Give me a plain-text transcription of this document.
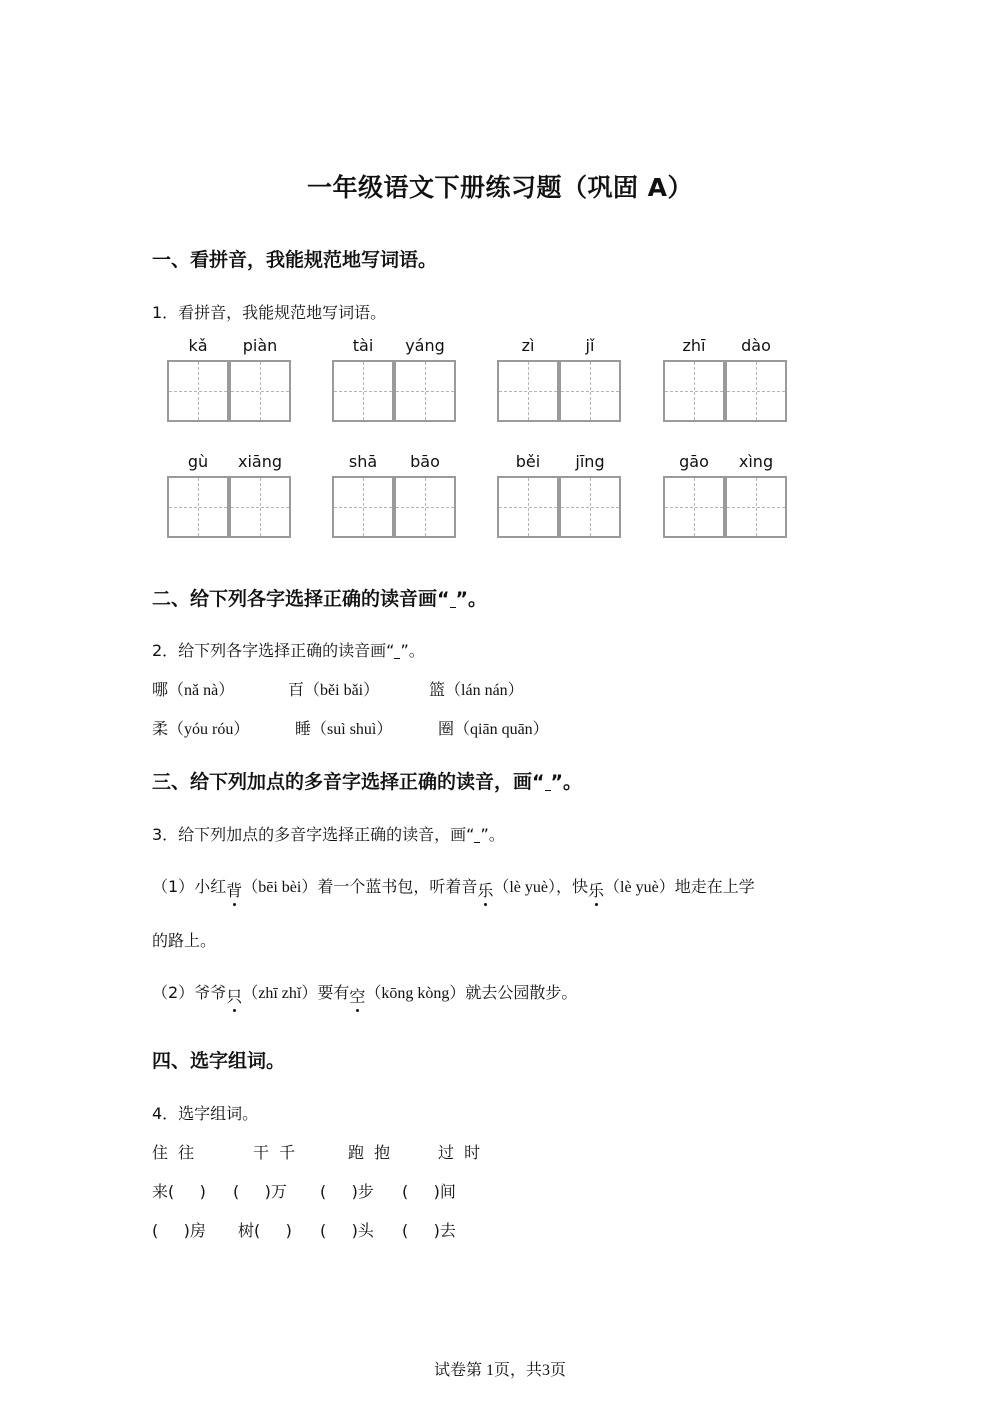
一年级语文下册练习题（巩固 A）
一、看拼音，我能规范地写词语。
1．看拼音，我能规范地写词语。
kǎ	piàn	tài	yáng	zì	jǐ	zhī	dào
gù	xiāng	shā	bāo	běi	jīng	gāo	xìng
二、给下列各字选择正确的读音画“ ”。
2．给下列各字选择正确的读音画“ ”。
哪（nǎ nà）	百（běi bǎi）	篮（lán nán）
柔（yóu róu）	睡（suì shuì）	圈（qiān quān）
三、给下列加点的多音字选择正确的读音，画“ ”。
3．给下列加点的多音字选择正确的读音，画“ ”。
（1）小红背（bēi bèi）着一个蓝书包，听着音乐（lè yuè），快乐（lè yuè）地走在上学
的路上。
（2）爷爷只（zhī zhǐ）要有空（kōng kòng）就去公园散步。
四、选字组词。
4．选字组词。
住  往	干  千	跑  抱	过  时
来(     ) (     )万 (     )步 (     )间
(     )房 树(     ) (     )头 (     )去
试卷第 1页，共3页
